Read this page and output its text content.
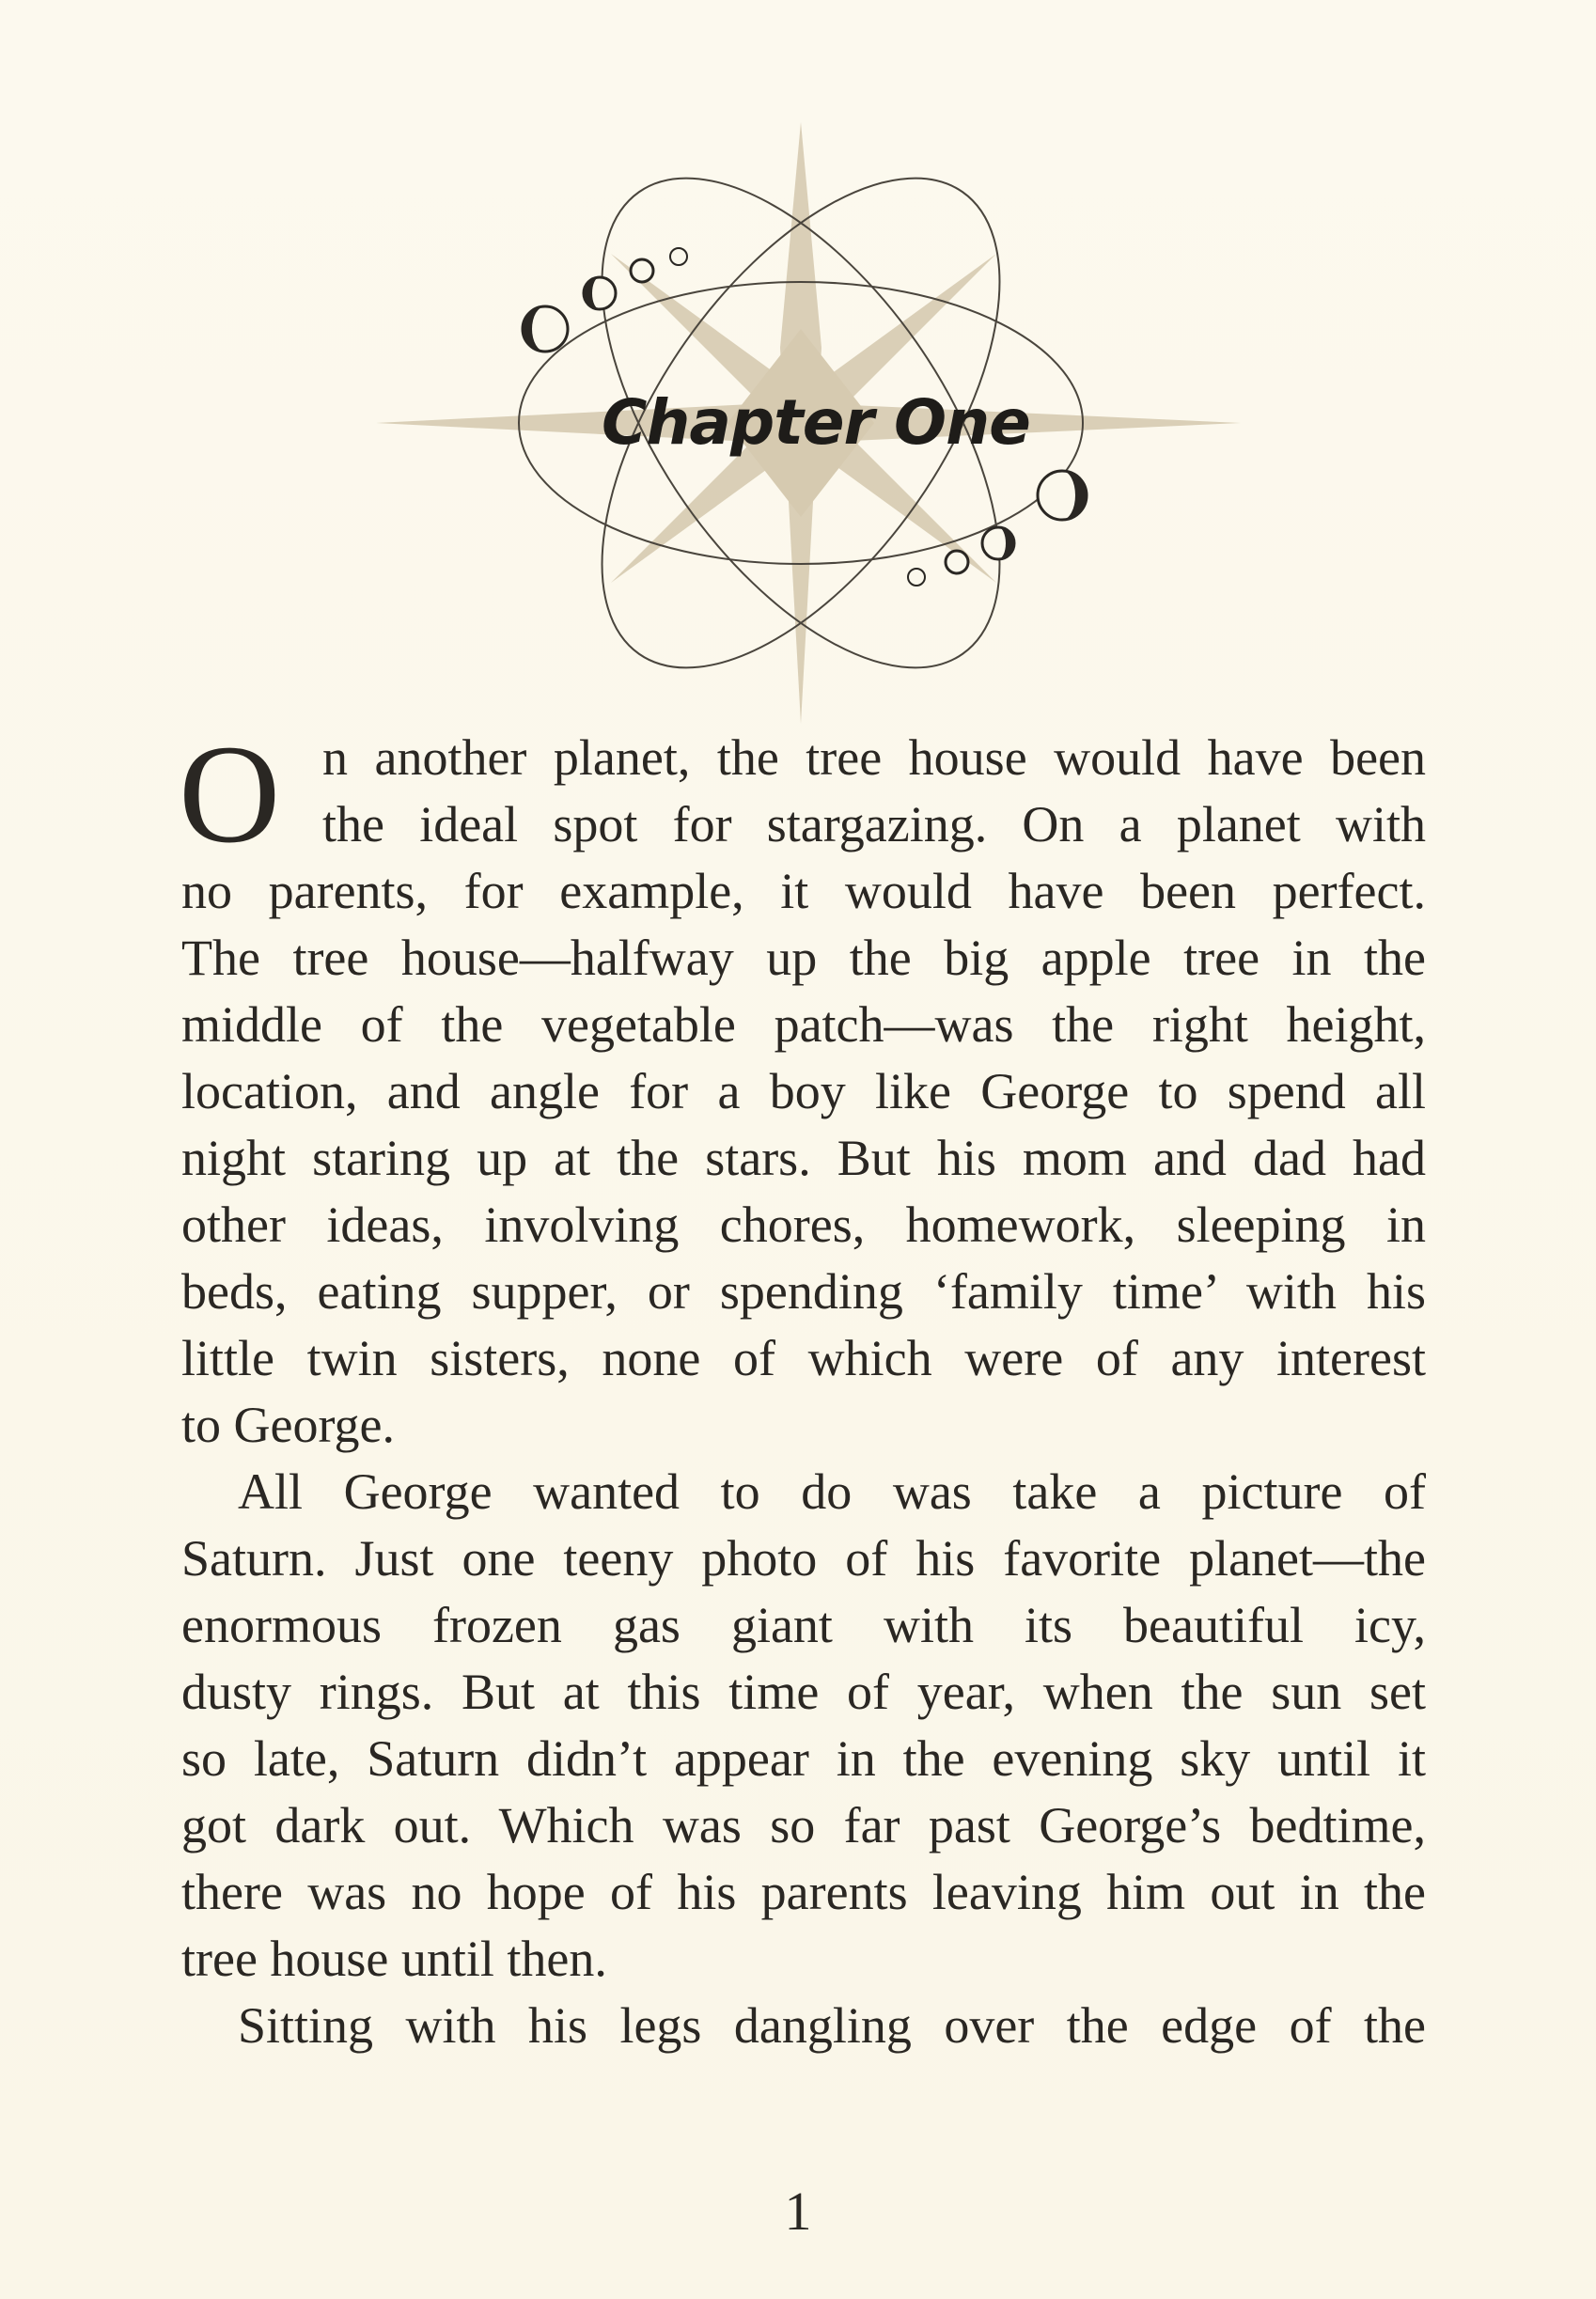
Chapter One
O n another planet, the tree house would have been
the ideal spot for stargazing. On a planet with
no parents, for example, it would have been perfect.
The tree house—halfway up the big apple tree in the
middle of the vegetable patch—was the right height,
location, and angle for a boy like George to spend all
night staring up at the stars. But his mom and dad had
other ideas, involving chores, homework, sleeping in
beds, eating supper, or spending ‘family time’ with his
little twin sisters, none of which were of any interest
to George.
All George wanted to do was take a picture of
Saturn. Just one teeny photo of his favorite planet—the
enormous frozen gas giant with its beautiful icy,
dusty rings. But at this time of year, when the sun set
so late, Saturn didn’t appear in the evening sky until it
got dark out. Which was so far past George’s bedtime,
there was no hope of his parents leaving him out in the
tree house until then.
Sitting with his legs dangling over the edge of the
1
